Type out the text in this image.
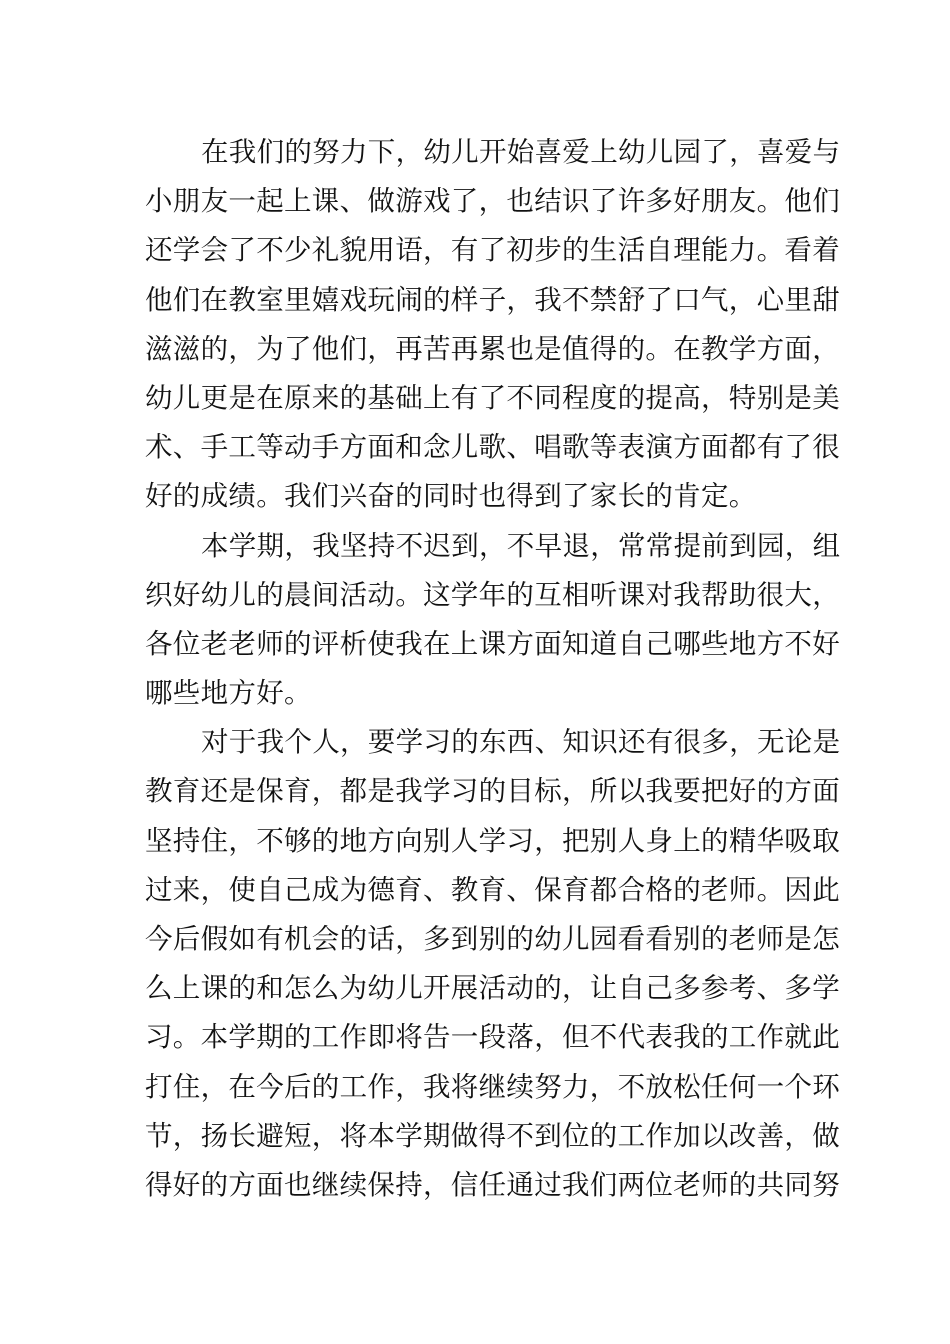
在我们的努力下，幼儿开始喜爱上幼儿园了，喜爱与
小朋友一起上课、做游戏了，也结识了许多好朋友。他们
还学会了不少礼貌用语，有了初步的生活自理能力。看着
他们在教室里嬉戏玩闹的样子，我不禁舒了口气，心里甜
滋滋的，为了他们，再苦再累也是值得的。在教学方面，
幼儿更是在原来的基础上有了不同程度的提高，特别是美
术、手工等动手方面和念儿歌、唱歌等表演方面都有了很
好的成绩。我们兴奋的同时也得到了家长的肯定。
本学期，我坚持不迟到，不早退，常常提前到园，组
织好幼儿的晨间活动。这学年的互相听课对我帮助很大，
各位老老师的评析使我在上课方面知道自己哪些地方不好
哪些地方好。
对于我个人，要学习的东西、知识还有很多，无论是
教育还是保育，都是我学习的目标，所以我要把好的方面
坚持住，不够的地方向别人学习，把别人身上的精华吸取
过来，使自己成为德育、教育、保育都合格的老师。因此
今后假如有机会的话，多到别的幼儿园看看别的老师是怎
么上课的和怎么为幼儿开展活动的，让自己多参考、多学
习。本学期的工作即将告一段落，但不代表我的工作就此
打住，在今后的工作，我将继续努力，不放松任何一个环
节，扬长避短，将本学期做得不到位的工作加以改善，做
得好的方面也继续保持，信任通过我们两位老师的共同努
